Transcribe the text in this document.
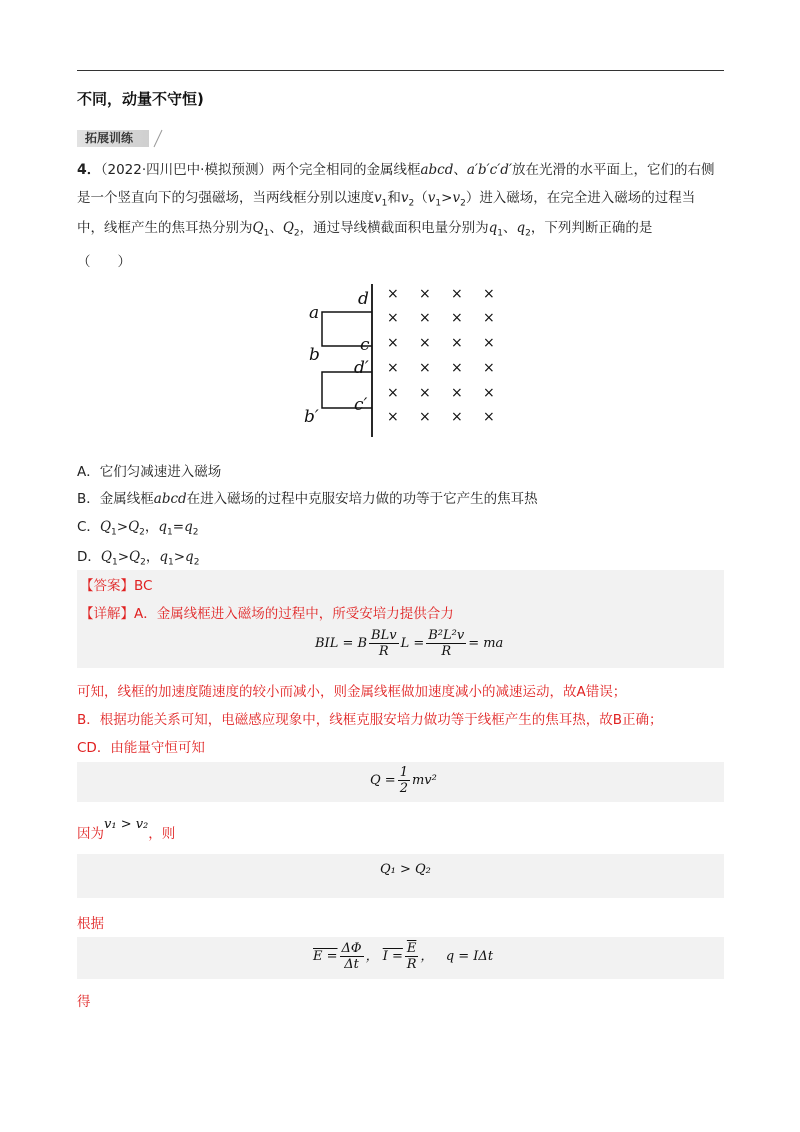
不同，动量不守恒)
拓展训练
4．（2022·四川巴中·模拟预测）两个完全相同的金属线框abcd、a′b′c′d′放在光滑的水平面上，它们的右侧
是一个竖直向下的匀强磁场，当两线框分别以速度$v_1$和$v_2(v_1>v_2)$进入磁场，在完全进入磁场的过程当
中，线框产生的焦耳热分别为$Q_1$、$Q_2$，通过导线横截面积电量分别为$q_1$、$q_2$，下列判断正确的是
（　　）
a
d
b c
d′
c′
b′
× × × ×
× × × ×
× × × ×
× × × ×
× × × ×
× × × ×
A．它们匀减速进入磁场
B．金属线框abcd在进入磁场的过程中克服安培力做的功等于它产生的焦耳热
C．$Q_1>Q_2$，$q_1=q_2$
D．$Q_1>Q_2$，$q_1>q_2$
【答案】BC
【详解】A．金属线框进入磁场的过程中，所受安培力提供合力
BIL = B $\frac{\text{BLv}}{R}$ $L = \frac{\text{B²L²v}}{R}$ = ma
可知，线框的加速度随速度的较小而减小，则金属线框做加速度减小的减速运动，故A错误；
B．根据功能关系可知，电磁感应现象中，线框克服安培力做功等于线框产生的焦耳热，故B正确；
CD．由能量守恒可知
$Q = \frac{1}{2} mv^2$
因为v₁ > v₂，则
Q₁ > Q₂
根据
$E = \frac{\Delta\Phi}{\Delta t}$ ， $I = \frac{\overline{E}}{R}$ ， q = IΔt
得
